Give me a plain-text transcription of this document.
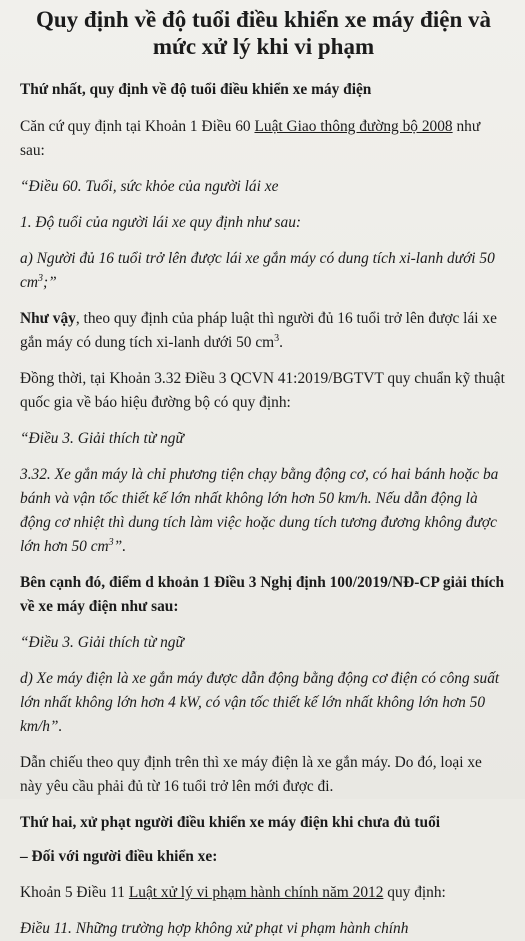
Quy định về độ tuổi điều khiển xe máy điện và
mức xử lý khi vi phạm

Thứ nhất, quy định về độ tuổi điều khiển xe máy điện

Căn cứ quy định tại Khoản 1 Điều 60 Luật Giao thông đường bộ 2008 như sau:

“Điều 60. Tuổi, sức khỏe của người lái xe

1. Độ tuổi của người lái xe quy định như sau:

a) Người đủ 16 tuổi trở lên được lái xe gắn máy có dung tích xi-lanh dưới 50 $cm^3$;”

Như vậy, theo quy định của pháp luật thì người đủ 16 tuổi trở lên được lái xe gắn máy có dung tích xi-lanh dưới 50 $cm^3$.

Đồng thời, tại Khoản 3.32 Điều 3 QCVN 41:2019/BGTVT quy chuẩn kỹ thuật quốc gia về báo hiệu đường bộ có quy định:

“Điều 3. Giải thích từ ngữ

3.32. Xe gắn máy là chỉ phương tiện chạy bằng động cơ, có hai bánh hoặc ba bánh và vận tốc thiết kế lớn nhất không lớn hơn 50 km/h. Nếu dẫn động là động cơ nhiệt thì dung tích làm việc hoặc dung tích tương đương không được lớn hơn 50 $cm^3$”.

Bên cạnh đó, điểm d khoản 1 Điều 3 Nghị định 100/2019/NĐ-CP giải thích về xe máy điện như sau:

“Điều 3. Giải thích từ ngữ

d) Xe máy điện là xe gắn máy được dẫn động bằng động cơ điện có công suất lớn nhất không lớn hơn 4 kW, có vận tốc thiết kế lớn nhất không lớn hơn 50 km/h”.

Dẫn chiếu theo quy định trên thì xe máy điện là xe gắn máy. Do đó, loại xe này yêu cầu phải đủ từ 16 tuổi trở lên mới được đi.

Thứ hai, xử phạt người điều khiển xe máy điện khi chưa đủ tuổi

– Đối với người điều khiển xe:

Khoản 5 Điều 11 Luật xử lý vi phạm hành chính năm 2012 quy định:

Điều 11. Những trường hợp không xử phạt vi phạm hành chính
